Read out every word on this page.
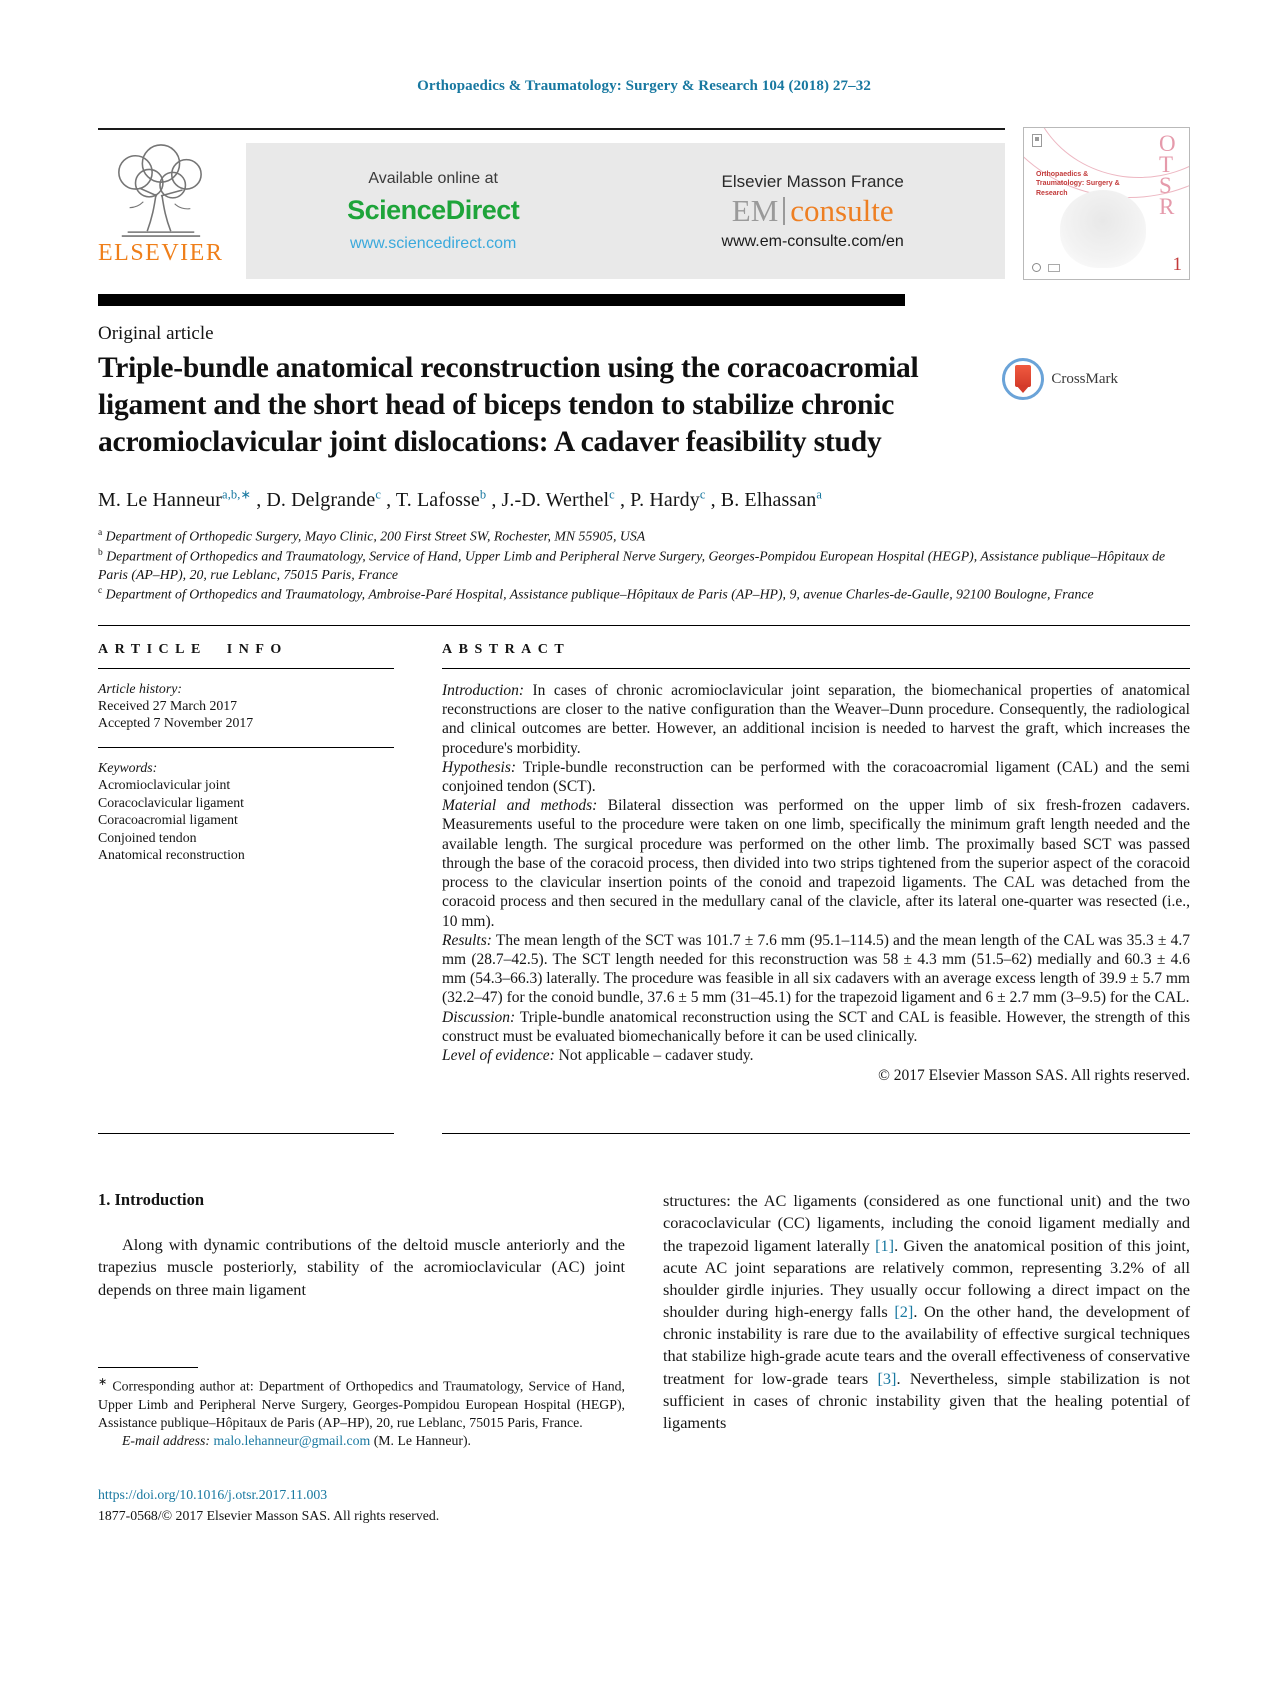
Orthopaedics & Traumatology: Surgery & Research 104 (2018) 27–32
ELSEVIER
Available online at
ScienceDirect
www.sciencedirect.com
Elsevier Masson France
EM consulte
www.em-consulte.com/en
OTSR
Orthopaedics & Traumatology: Surgery & Research
1
Original article
Triple-bundle anatomical reconstruction using the coracoacromial ligament and the short head of biceps tendon to stabilize chronic acromioclavicular joint dislocations: A cadaver feasibility study
CrossMark
M. Le Hanneur$^{a,b,∗}$ , D. Delgrande$^c$ , T. Lafosse$^b$ , J.-D. Werthel$^c$ , P. Hardy$^c$ , B. Elhassan$^a$
$^a$ Department of Orthopedic Surgery, Mayo Clinic, 200 First Street SW, Rochester, MN 55905, USA
$^b$ Department of Orthopedics and Traumatology, Service of Hand, Upper Limb and Peripheral Nerve Surgery, Georges-Pompidou European Hospital (HEGP), Assistance publique–Hôpitaux de Paris (AP–HP), 20, rue Leblanc, 75015 Paris, France
$^c$ Department of Orthopedics and Traumatology, Ambroise-Paré Hospital, Assistance publique–Hôpitaux de Paris (AP–HP), 9, avenue Charles-de-Gaulle, 92100 Boulogne, France
ARTICLE INFO
Article history:
Received 27 March 2017
Accepted 7 November 2017
Keywords:
Acromioclavicular joint
Coracoclavicular ligament
Coracoacromial ligament
Conjoined tendon
Anatomical reconstruction
ABSTRACT

Introduction: In cases of chronic acromioclavicular joint separation, the biomechanical properties of anatomical reconstructions are closer to the native configuration than the Weaver–Dunn procedure. Consequently, the radiological and clinical outcomes are better. However, an additional incision is needed to harvest the graft, which increases the procedure's morbidity.

Hypothesis: Triple-bundle reconstruction can be performed with the coracoacromial ligament (CAL) and the semi conjoined tendon (SCT).

Material and methods: Bilateral dissection was performed on the upper limb of six fresh-frozen cadavers. Measurements useful to the procedure were taken on one limb, specifically the minimum graft length needed and the available length. The surgical procedure was performed on the other limb. The proximally based SCT was passed through the base of the coracoid process, then divided into two strips tightened from the superior aspect of the coracoid process to the clavicular insertion points of the conoid and trapezoid ligaments. The CAL was detached from the coracoid process and then secured in the medullary canal of the clavicle, after its lateral one-quarter was resected (i.e., 10 mm).

Results: The mean length of the SCT was 101.7 ± 7.6 mm (95.1–114.5) and the mean length of the CAL was 35.3 ± 4.7 mm (28.7–42.5). The SCT length needed for this reconstruction was 58 ± 4.3 mm (51.5–62) medially and 60.3 ± 4.6 mm (54.3–66.3) laterally. The procedure was feasible in all six cadavers with an average excess length of 39.9 ± 5.7 mm (32.2–47) for the conoid bundle, 37.6 ± 5 mm (31–45.1) for the trapezoid ligament and 6 ± 2.7 mm (3–9.5) for the CAL.

Discussion: Triple-bundle anatomical reconstruction using the SCT and CAL is feasible. However, the strength of this construct must be evaluated biomechanically before it can be used clinically.

Level of evidence: Not applicable – cadaver study.

© 2017 Elsevier Masson SAS. All rights reserved.
1. Introduction

Along with dynamic contributions of the deltoid muscle anteriorly and the trapezius muscle posteriorly, stability of the acromioclavicular (AC) joint depends on three main ligament

∗ Corresponding author at: Department of Orthopedics and Traumatology, Service of Hand, Upper Limb and Peripheral Nerve Surgery, Georges-Pompidou European Hospital (HEGP), Assistance publique–Hôpitaux de Paris (AP–HP), 20, rue Leblanc, 75015 Paris, France.

E-mail address: malo.lehanneur@gmail.com (M. Le Hanneur).

https://doi.org/10.1016/j.otsr.2017.11.003
1877-0568/© 2017 Elsevier Masson SAS. All rights reserved.

structures: the AC ligaments (considered as one functional unit) and the two coracoclavicular (CC) ligaments, including the conoid ligament medially and the trapezoid ligament laterally [1]. Given the anatomical position of this joint, acute AC joint separations are relatively common, representing 3.2% of all shoulder girdle injuries. They usually occur following a direct impact on the shoulder during high-energy falls [2]. On the other hand, the development of chronic instability is rare due to the availability of effective surgical techniques that stabilize high-grade acute tears and the overall effectiveness of conservative treatment for low-grade tears [3]. Nevertheless, simple stabilization is not sufficient in cases of chronic instability given that the healing potential of ligaments
